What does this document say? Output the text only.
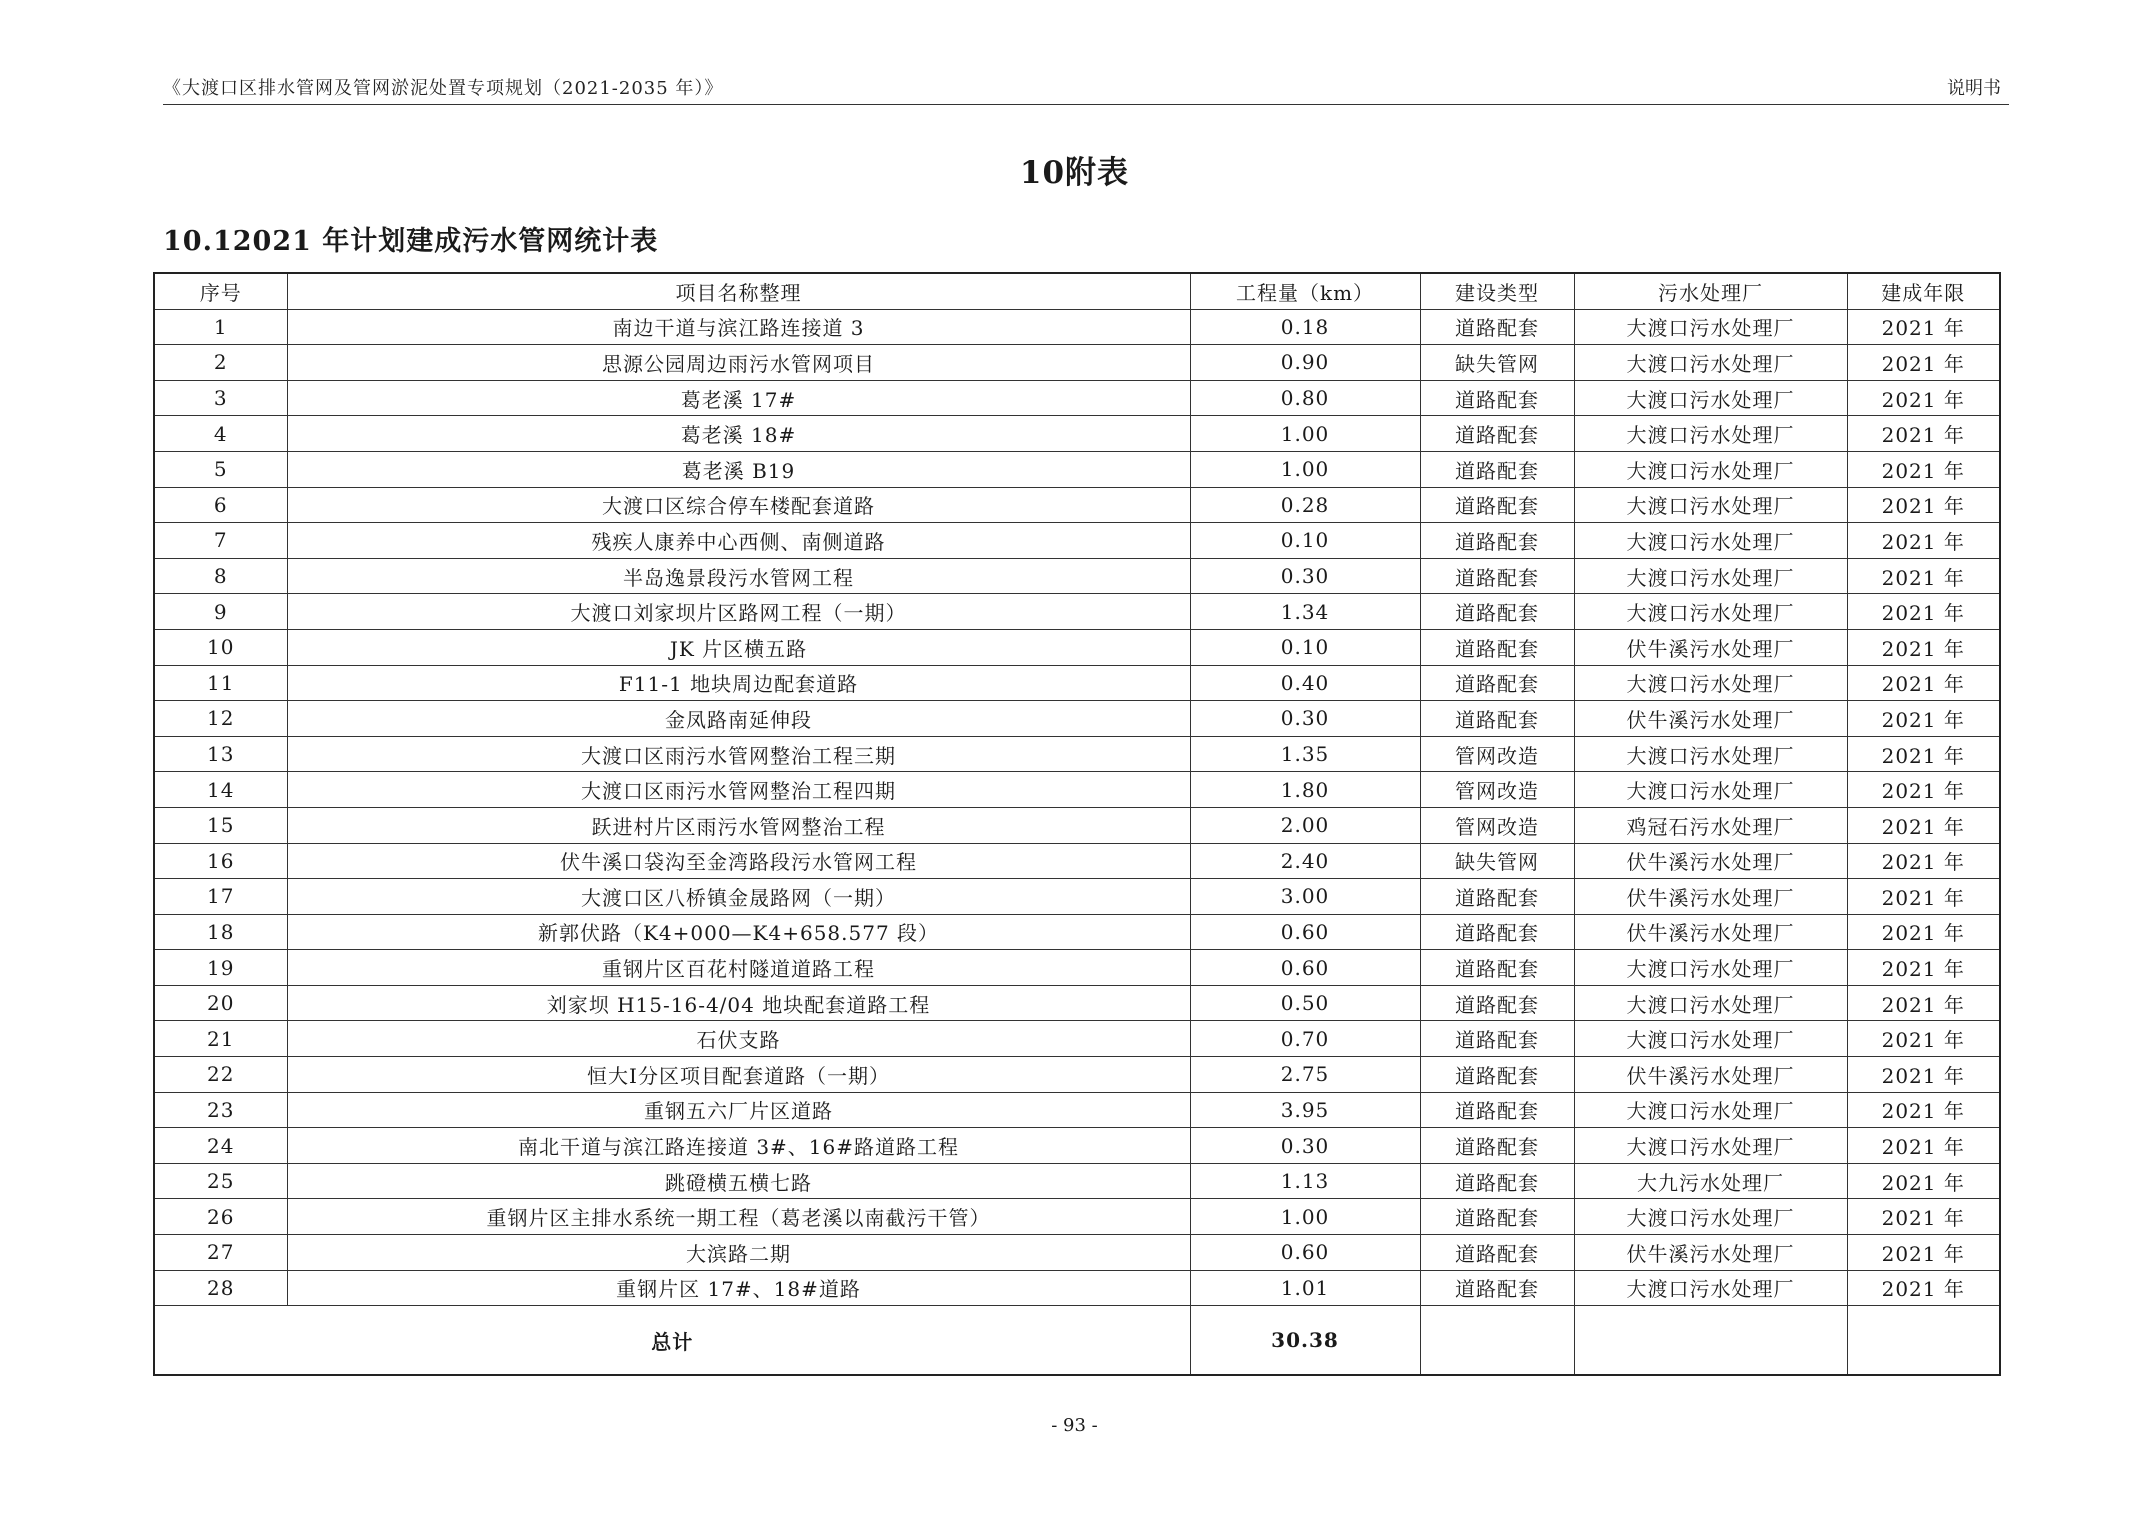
《大渡口区排水管网及管网淤泥处置专项规划（2021-2035 年）》	说明书
10附表
10.12021 年计划建成污水管网统计表
序号	项目名称整理	工程量（km）	建设类型	污水处理厂	建成年限
1	南边干道与滨江路连接道 3	0.18	道路配套	大渡口污水处理厂	2021 年
2	思源公园周边雨污水管网项目	0.90	缺失管网	大渡口污水处理厂	2021 年
3	葛老溪 17#	0.80	道路配套	大渡口污水处理厂	2021 年
4	葛老溪 18#	1.00	道路配套	大渡口污水处理厂	2021 年
5	葛老溪 B19	1.00	道路配套	大渡口污水处理厂	2021 年
6	大渡口区综合停车楼配套道路	0.28	道路配套	大渡口污水处理厂	2021 年
7	残疾人康养中心西侧、南侧道路	0.10	道路配套	大渡口污水处理厂	2021 年
8	半岛逸景段污水管网工程	0.30	道路配套	大渡口污水处理厂	2021 年
9	大渡口刘家坝片区路网工程（一期）	1.34	道路配套	大渡口污水处理厂	2021 年
10	JK 片区横五路	0.10	道路配套	伏牛溪污水处理厂	2021 年
11	F11-1 地块周边配套道路	0.40	道路配套	大渡口污水处理厂	2021 年
12	金凤路南延伸段	0.30	道路配套	伏牛溪污水处理厂	2021 年
13	大渡口区雨污水管网整治工程三期	1.35	管网改造	大渡口污水处理厂	2021 年
14	大渡口区雨污水管网整治工程四期	1.80	管网改造	大渡口污水处理厂	2021 年
15	跃进村片区雨污水管网整治工程	2.00	管网改造	鸡冠石污水处理厂	2021 年
16	伏牛溪口袋沟至金湾路段污水管网工程	2.40	缺失管网	伏牛溪污水处理厂	2021 年
17	大渡口区八桥镇金晟路网（一期）	3.00	道路配套	伏牛溪污水处理厂	2021 年
18	新郭伏路（K4+000—K4+658.577 段）	0.60	道路配套	伏牛溪污水处理厂	2021 年
19	重钢片区百花村隧道道路工程	0.60	道路配套	大渡口污水处理厂	2021 年
20	刘家坝 H15-16-4/04 地块配套道路工程	0.50	道路配套	大渡口污水处理厂	2021 年
21	石伏支路	0.70	道路配套	大渡口污水处理厂	2021 年
22	恒大Ⅰ分区项目配套道路（一期）	2.75	道路配套	伏牛溪污水处理厂	2021 年
23	重钢五六厂片区道路	3.95	道路配套	大渡口污水处理厂	2021 年
24	南北干道与滨江路连接道 3#、16#路道路工程	0.30	道路配套	大渡口污水处理厂	2021 年
25	跳磴横五横七路	1.13	道路配套	大九污水处理厂	2021 年
26	重钢片区主排水系统一期工程（葛老溪以南截污干管）	1.00	道路配套	大渡口污水处理厂	2021 年
27	大滨路二期	0.60	道路配套	伏牛溪污水处理厂	2021 年
28	重钢片区 17#、18#道路	1.01	道路配套	大渡口污水处理厂	2021 年
总计		30.38			
- 93 -
